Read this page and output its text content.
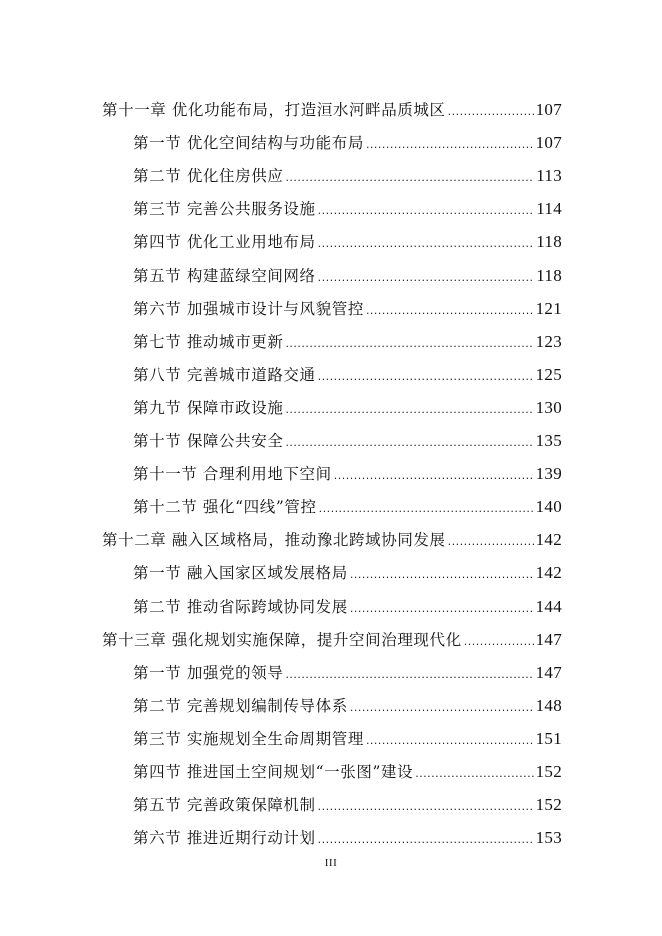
第十一章 优化功能布局，打造洹水河畔品质城区 .....	107
第一节 优化空间结构与功能布局 .....	107
第二节 优化住房供应 .....	113
第三节 完善公共服务设施 .....	114
第四节 优化工业用地布局 .....	118
第五节 构建蓝绿空间网络 .....	118
第六节 加强城市设计与风貌管控 .....	121
第七节 推动城市更新 .....	123
第八节 完善城市道路交通 .....	125
第九节 保障市政设施 .....	130
第十节 保障公共安全 .....	135
第十一节 合理利用地下空间 .....	139
第十二节 强化“四线”管控 .....	140
第十二章 融入区域格局，推动豫北跨域协同发展 .....	142
第一节 融入国家区域发展格局 .....	142
第二节 推动省际跨域协同发展 .....	144
第十三章 强化规划实施保障，提升空间治理现代化 .....	147
第一节 加强党的领导 .....	147
第二节 完善规划编制传导体系 .....	148
第三节 实施规划全生命周期管理 .....	151
第四节 推进国土空间规划“一张图”建设 .....	152
第五节 完善政策保障机制 .....	152
第六节 推进近期行动计划 .....	153
III
